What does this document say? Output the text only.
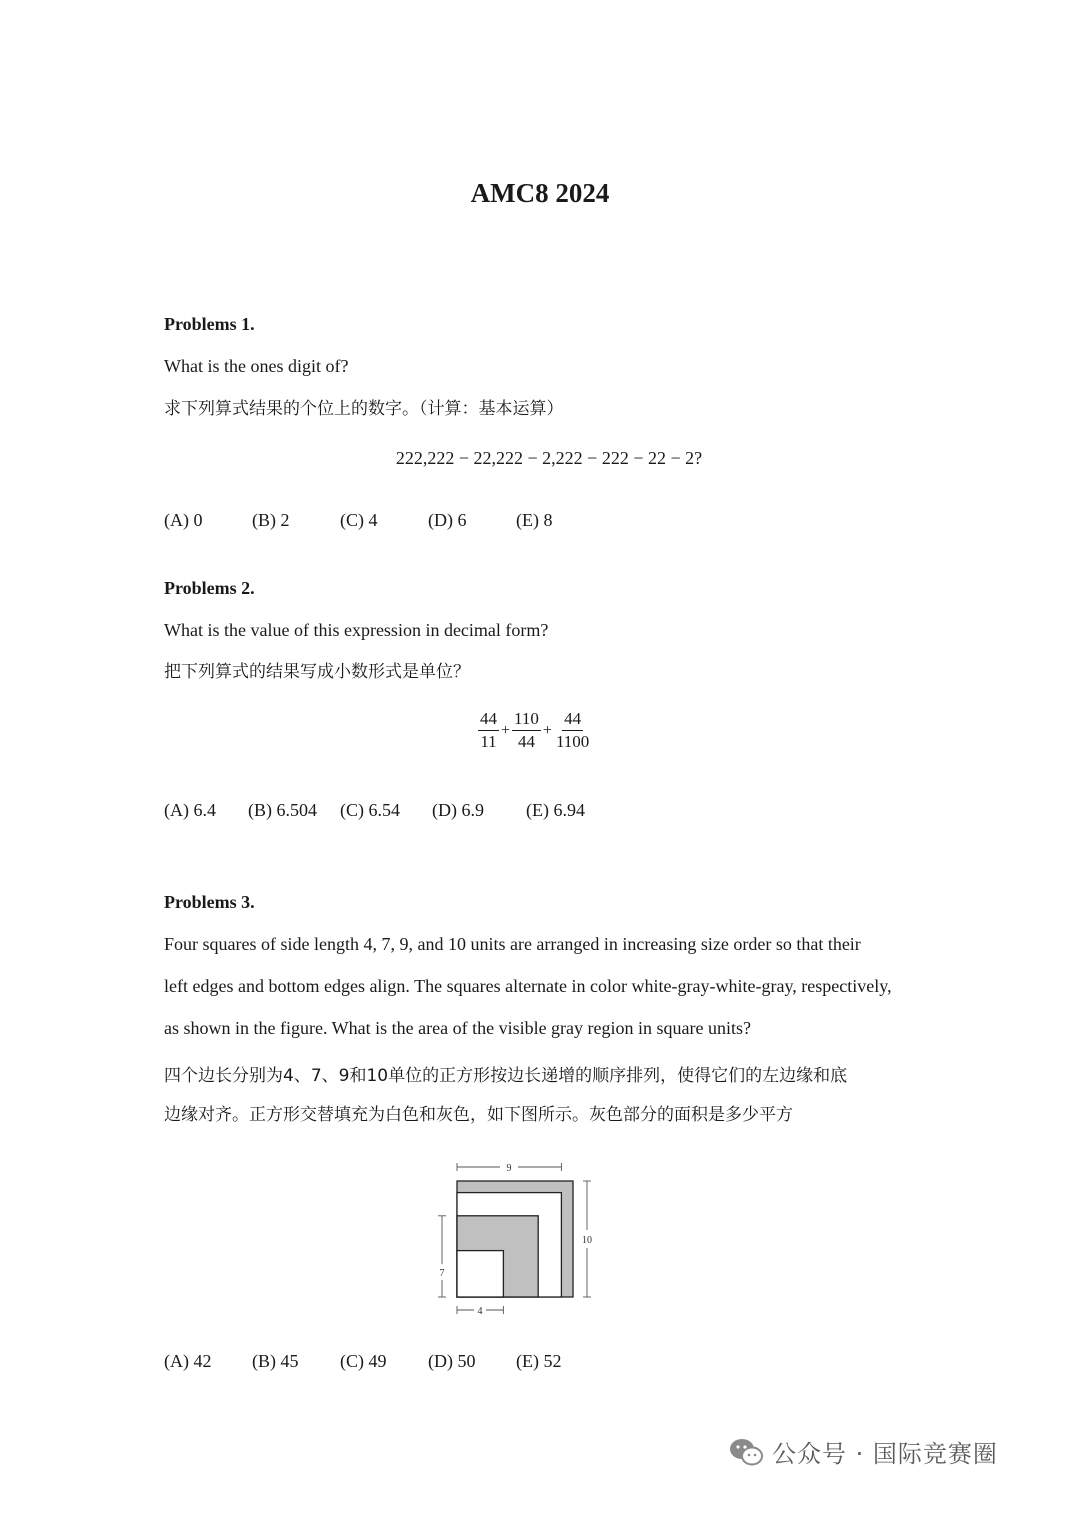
AMC8 2024
Problems 1.
What is the ones digit of?
求下列算式结果的个位上的数字。（计算：基本运算）
222,222 − 22,222 − 2,222 − 222 − 22 − 2?
(A) 0	(B) 2	(C) 4	(D) 6	(E) 8
Problems 2.
What is the value of this expression in decimal form?
把下列算式的结果写成小数形式是单位？
$\frac{44}{11} + \frac{110}{44} + \frac{44}{1100}$
(A) 6.4 (B) 6.504 (C) 6.54 (D) 6.9 (E) 6.94
Problems 3.
Four squares of side length 4, 7, 9, and 10 units are arranged in increasing size order so that their
left edges and bottom edges align. The squares alternate in color white-gray-white-gray, respectively,
as shown in the figure. What is the area of the visible gray region in square units?
四个边长分别为4、7、9和10单位的正方形按边长递增的顺序排列，使得它们的左边缘和底
边缘对齐。正方形交替填充为白色和灰色，如下图所示。灰色部分的面积是多少平方
9
10
7
4
(A) 42 (B) 45 (C) 49 (D) 50 (E) 52
公众号 · 国际竞赛圈
